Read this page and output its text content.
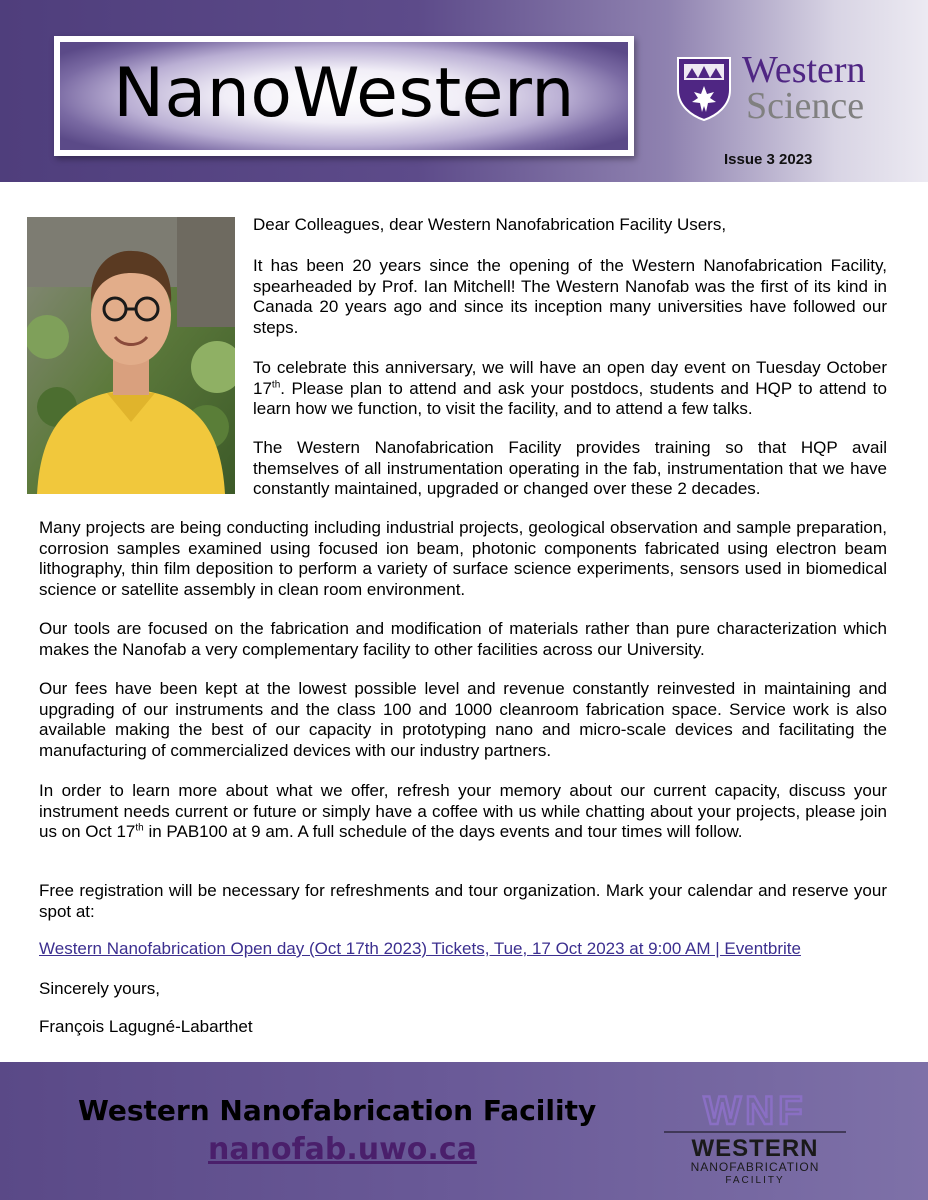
NanoWestern	Western
Science
Issue 3 2023

Dear Colleagues, dear Western Nanofabrication Facility Users,

It has been 20 years since the opening of the Western Nanofabrication Facility, spearheaded by Prof. Ian Mitchell! The Western Nanofab was the first of its kind in Canada 20 years ago and since its inception many universities have followed our steps.

To celebrate this anniversary, we will have an open day event on Tuesday October 17th. Please plan to attend and ask your postdocs, students and HQP to attend to learn how we function, to visit the facility, and to attend a few talks.

The Western Nanofabrication Facility provides training so that HQP avail themselves of all instrumentation operating in the fab, instrumentation that we have constantly maintained, upgraded or changed over these 2 decades.

Many projects are being conducting including industrial projects, geological observation and sample preparation, corrosion samples examined using focused ion beam, photonic components fabricated using electron beam lithography, thin film deposition to perform a variety of surface science experiments, sensors used in biomedical science or satellite assembly in clean room environment.

Our tools are focused on the fabrication and modification of materials rather than pure characterization which makes the Nanofab a very complementary facility to other facilities across our University.

Our fees have been kept at the lowest possible level and revenue constantly reinvested in maintaining and upgrading of our instruments and the class 100 and 1000 cleanroom fabrication space. Service work is also available making the best of our capacity in prototyping nano and micro-scale devices and facilitating the manufacturing of commercialized devices with our industry partners.

In order to learn more about what we offer, refresh your memory about our current capacity, discuss your instrument needs current or future or simply have a coffee with us while chatting about your projects, please join us on Oct 17th in PAB100 at 9 am. A full schedule of the days events and tour times will follow.

Free registration will be necessary for refreshments and tour organization. Mark your calendar and reserve your spot at:

Western Nanofabrication Open day (Oct 17th 2023) Tickets, Tue, 17 Oct 2023 at 9:00 AM | Eventbrite

Sincerely yours,

François Lagugné-Labarthet

Western Nanofabrication Facility
nanofab.uwo.ca
WNF
WESTERN
NANOFABRICATION
FACILITY
